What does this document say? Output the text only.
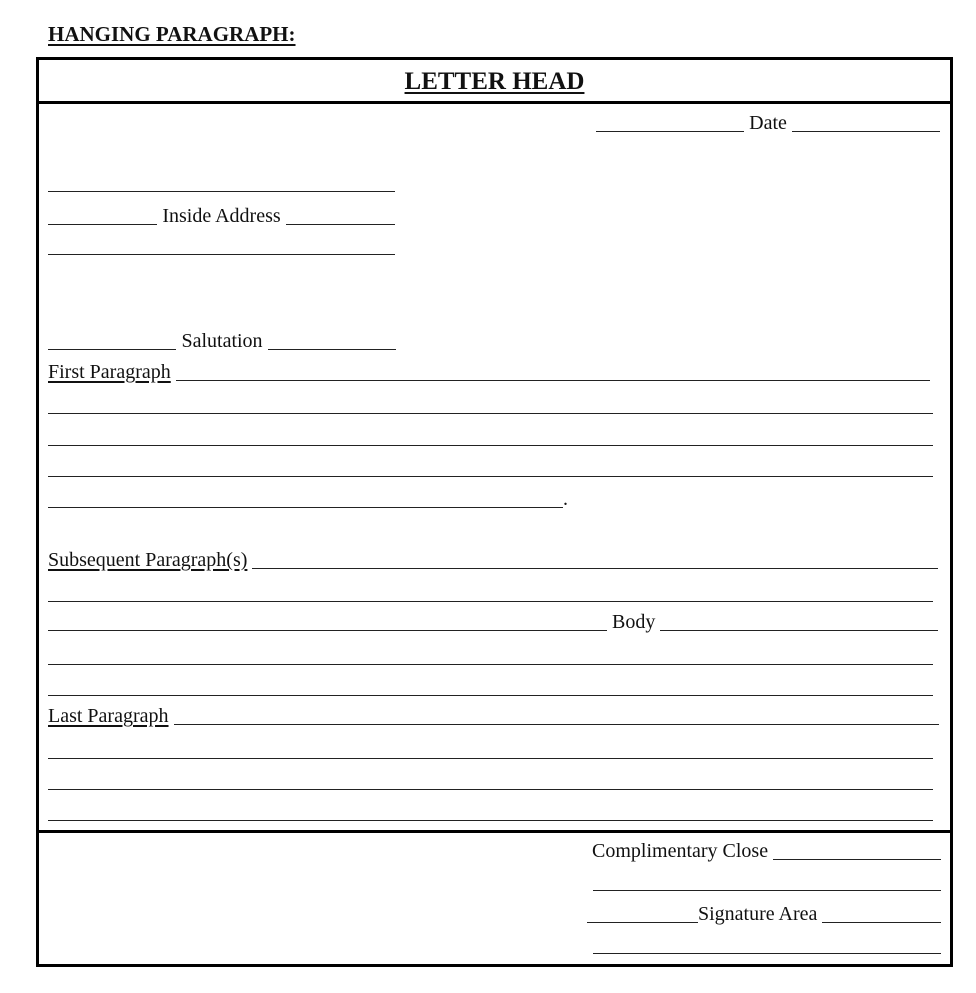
HANGING PARAGRAPH:
LETTER HEAD
Date
Inside Address
Salutation
First Paragraph
.
Subsequent Paragraph(s)
Body
Last Paragraph
Complimentary Close
Signature Area
